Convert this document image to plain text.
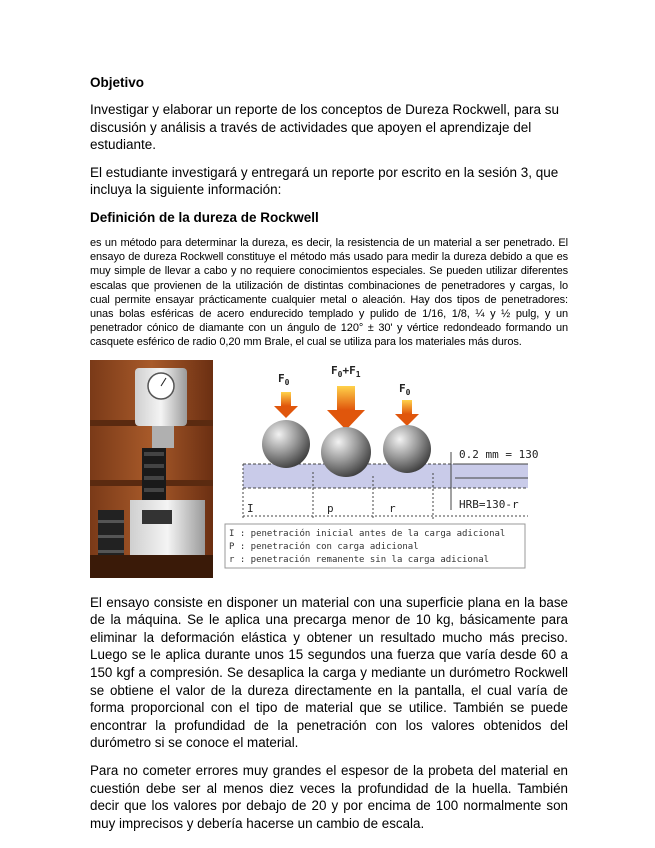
Objetivo

Investigar y elaborar un reporte de los conceptos de Dureza Rockwell, para su discusión y análisis a través de actividades que apoyen el aprendizaje del estudiante.

El estudiante investigará y entregará un reporte por escrito en la sesión 3, que incluya la siguiente información:

Definición de la dureza de Rockwell

es un método para determinar la dureza, es decir, la resistencia de un material a ser penetrado. El ensayo de dureza Rockwell constituye el método más usado para medir la dureza debido a que es muy simple de llevar a cabo y no requiere conocimientos especiales. Se pueden utilizar diferentes escalas que provienen de la utilización de distintas combinaciones de penetradores y cargas, lo cual permite ensayar prácticamente cualquier metal o aleación. Hay dos tipos de penetradores: unas bolas esféricas de acero endurecido templado y pulido de 1/16, 1/8, ¼ y ½ pulg, y un penetrador cónico de diamante con un ángulo de 120° ± 30' y vértice redondeado formando un casquete esférico de radio 0,20 mm Brale, el cual se utiliza para los materiales más duros.

$F_0$
$F_0+F_1$
$F_0$
0.2 mm = 130
HRB=130-r
I	p	r
I : penetración inicial antes de la carga adicional
P : penetración con carga adicional
r : penetración remanente sin la carga adicional

El ensayo consiste en disponer un material con una superficie plana en la base de la máquina. Se le aplica una precarga menor de 10 kg, básicamente para eliminar la deformación elástica y obtener un resultado mucho más preciso. Luego se le aplica durante unos 15 segundos una fuerza que varía desde 60 a 150 kgf a compresión. Se desaplica la carga y mediante un durómetro Rockwell se obtiene el valor de la dureza directamente en la pantalla, el cual varía de forma proporcional con el tipo de material que se utilice. También se puede encontrar la profundidad de la penetración con los valores obtenidos del durómetro si se conoce el material.

Para no cometer errores muy grandes el espesor de la probeta del material en cuestión debe ser al menos diez veces la profundidad de la huella. También decir que los valores por debajo de 20 y por encima de 100 normalmente son muy imprecisos y debería hacerse un cambio de escala.
